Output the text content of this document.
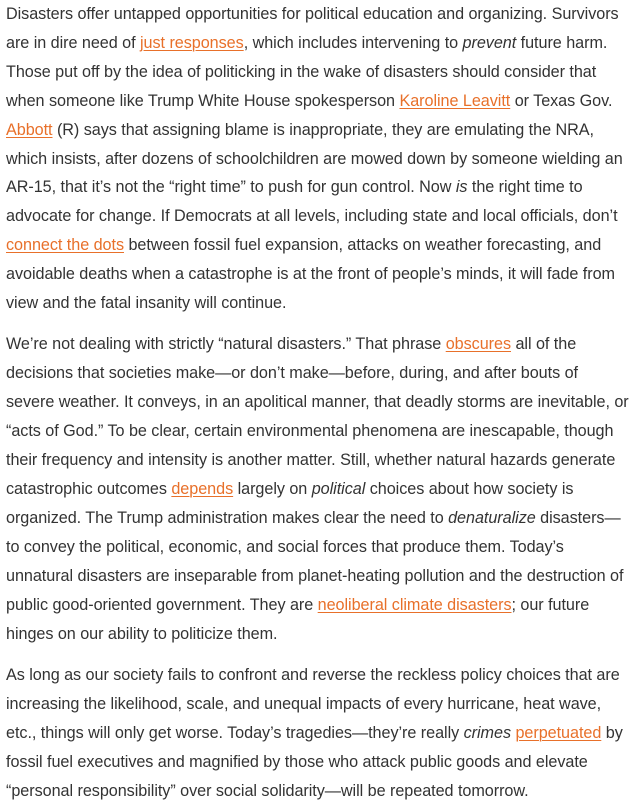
Disasters offer untapped opportunities for political education and organizing. Survivors are in dire need of just responses, which includes intervening to prevent future harm. Those put off by the idea of politicking in the wake of disasters should consider that when someone like Trump White House spokesperson Karoline Leavitt or Texas Gov. Abbott (R) says that assigning blame is inappropriate, they are emulating the NRA, which insists, after dozens of schoolchildren are mowed down by someone wielding an AR-15, that it’s not the “right time” to push for gun control. Now is the right time to advocate for change. If Democrats at all levels, including state and local officials, don’t connect the dots between fossil fuel expansion, attacks on weather forecasting, and avoidable deaths when a catastrophe is at the front of people’s minds, it will fade from view and the fatal insanity will continue.

We’re not dealing with strictly “natural disasters.” That phrase obscures all of the decisions that societies make—or don’t make—before, during, and after bouts of severe weather. It conveys, in an apolitical manner, that deadly storms are inevitable, or “acts of God.” To be clear, certain environmental phenomena are inescapable, though their frequency and intensity is another matter. Still, whether natural hazards generate catastrophic outcomes depends largely on political choices about how society is organized. The Trump administration makes clear the need to denaturalize disasters—to convey the political, economic, and social forces that produce them. Today’s unnatural disasters are inseparable from planet-heating pollution and the destruction of public good-oriented government. They are neoliberal climate disasters; our future hinges on our ability to politicize them.

As long as our society fails to confront and reverse the reckless policy choices that are increasing the likelihood, scale, and unequal impacts of every hurricane, heat wave, etc., things will only get worse. Today’s tragedies—they’re really crimes perpetuated by fossil fuel executives and magnified by those who attack public goods and elevate “personal responsibility” over social solidarity—will be repeated tomorrow.
